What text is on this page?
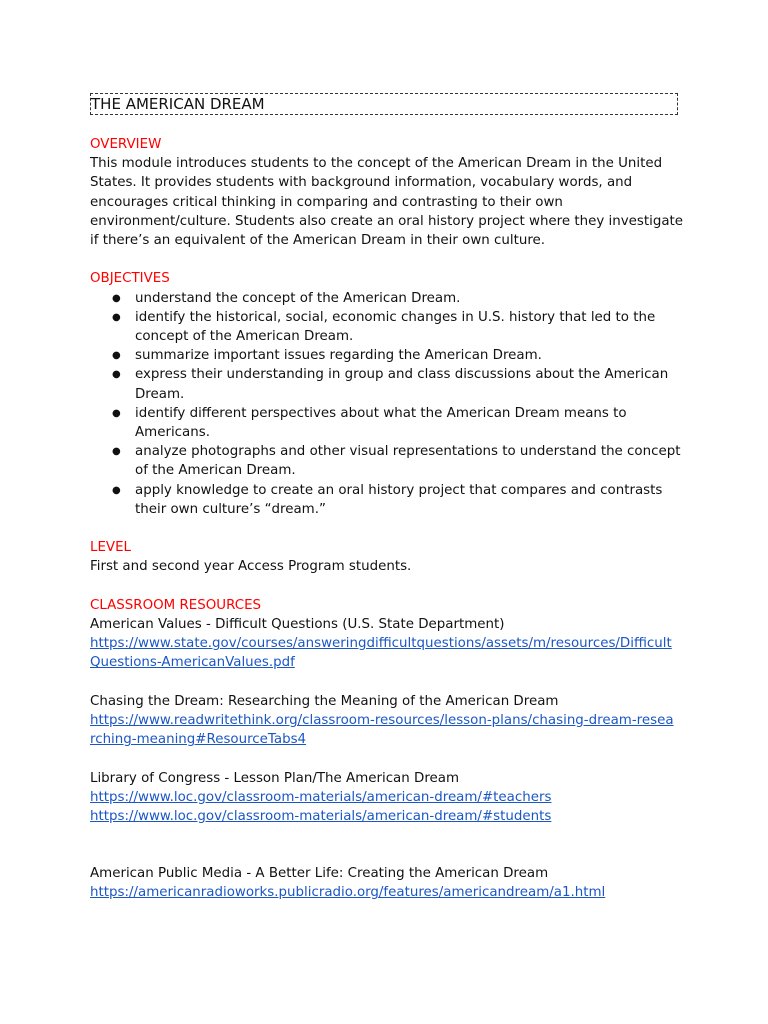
THE AMERICAN DREAM

OVERVIEW

This module introduces students to the concept of the American Dream in the United States. It provides students with background information, vocabulary words, and encourages critical thinking in comparing and contrasting to their own environment/culture. Students also create an oral history project where they investigate if there’s an equivalent of the American Dream in their own culture.

OBJECTIVES

● understand the concept of the American Dream.
● identify the historical, social, economic changes in U.S. history that led to the concept of the American Dream.
● summarize important issues regarding the American Dream.
● express their understanding in group and class discussions about the American Dream.
● identify different perspectives about what the American Dream means to Americans.
● analyze photographs and other visual representations to understand the concept of the American Dream.
● apply knowledge to create an oral history project that compares and contrasts their own culture’s “dream.”

LEVEL

First and second year Access Program students.

CLASSROOM RESOURCES

American Values - Difficult Questions (U.S. State Department)

https://www.state.gov/courses/answeringdifficultquestions/assets/m/resources/DifficultQuestions-AmericanValues.pdf

Chasing the Dream: Researching the Meaning of the American Dream

https://www.readwritethink.org/classroom-resources/lesson-plans/chasing-dream-researching-meaning#ResourceTabs4

Library of Congress - Lesson Plan/The American Dream

https://www.loc.gov/classroom-materials/american-dream/#teachers
https://www.loc.gov/classroom-materials/american-dream/#students

American Public Media - A Better Life: Creating the American Dream

https://americanradioworks.publicradio.org/features/americandream/a1.html
